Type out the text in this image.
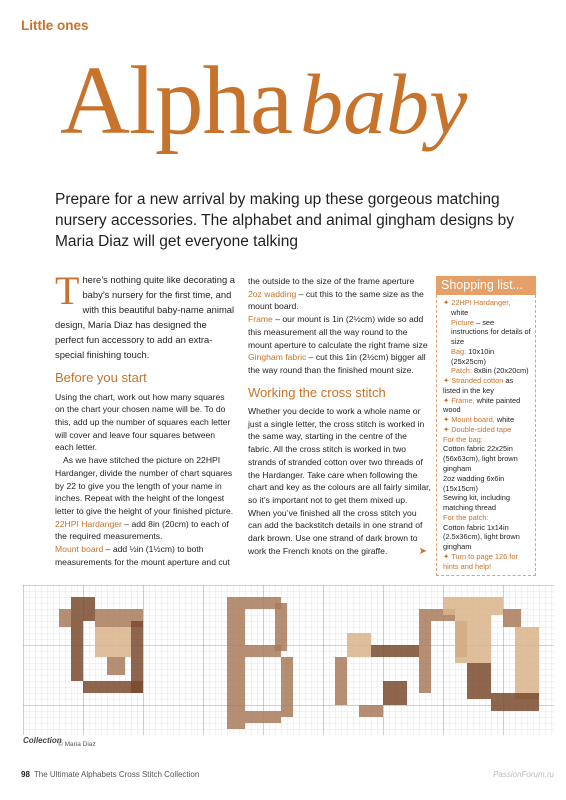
Little ones
Alphababy
Prepare for a new arrival by making up these gorgeous matching nursery accessories. The alphabet and animal gingham designs by Maria Diaz will get everyone talking
There’s nothing quite like decorating a baby’s nursery for the first time, and with this beautiful baby-name animal design, Maria Diaz has designed the perfect fun accessory to add an extra-special finishing touch.
Before you start

Using the chart, work out how many squares on the chart your chosen name will be. To do this, add up the number of squares each letter will cover and leave four squares between each letter.

As we have stitched the picture on 22HPI Hardanger, divide the number of chart squares by 22 to give you the length of your name in inches. Repeat with the height of the longest letter to give the height of your finished picture.

22HPI Hardanger – add 8in (20cm) to each of the required measurements.

Mount board – add ½in (1½cm) to both measurements for the mount aperture and cut

the outside to the size of the frame aperture

2oz wadding – cut this to the same size as the mount board.

Frame – our mount is 1in (2½cm) wide so add this measurement all the way round to the mount aperture to calculate the right frame size

Gingham fabric – cut this 1in (2½cm) bigger all the way round than the finished mount size.

Working the cross stitch

Whether you decide to work a whole name or just a single letter, the cross stitch is worked in the same way, starting in the centre of the fabric. All the cross stitch is worked in two strands of stranded cotton over two threads of the Hardanger. Take care when following the chart and key as the colours are all fairly similar, so it’s important not to get them mixed up.

When you’ve finished all the cross stitch you can add the backstitch details in one strand of dark brown. Use one strand of dark brown to work the French knots on the giraffe.	➤

Shopping list...
✦ 22HPI Hardanger,
white
Picture – see instructions for details of size
Bag: 10x10in (25x25cm)
Patch: 8x8in (20x20cm)
✦ Stranded cotton as listed in the key
✦ Frame, white painted wood
✦ Mount board, white
✦ Double-sided tape
For the bag:
Cotton fabric 22x25in (56x63cm), light brown gingham
2oz wadding 6x6in (15x15cm)
Sewing kit, including matching thread
For the patch:
Cotton fabric 1x14in (2.5x36cm), light brown gingham
✦ Turn to page 126 for hints and help!
Collection
© Maria Diaz
98 The Ultimate Alphabets Cross Stitch Collection	PassionForum.ru
